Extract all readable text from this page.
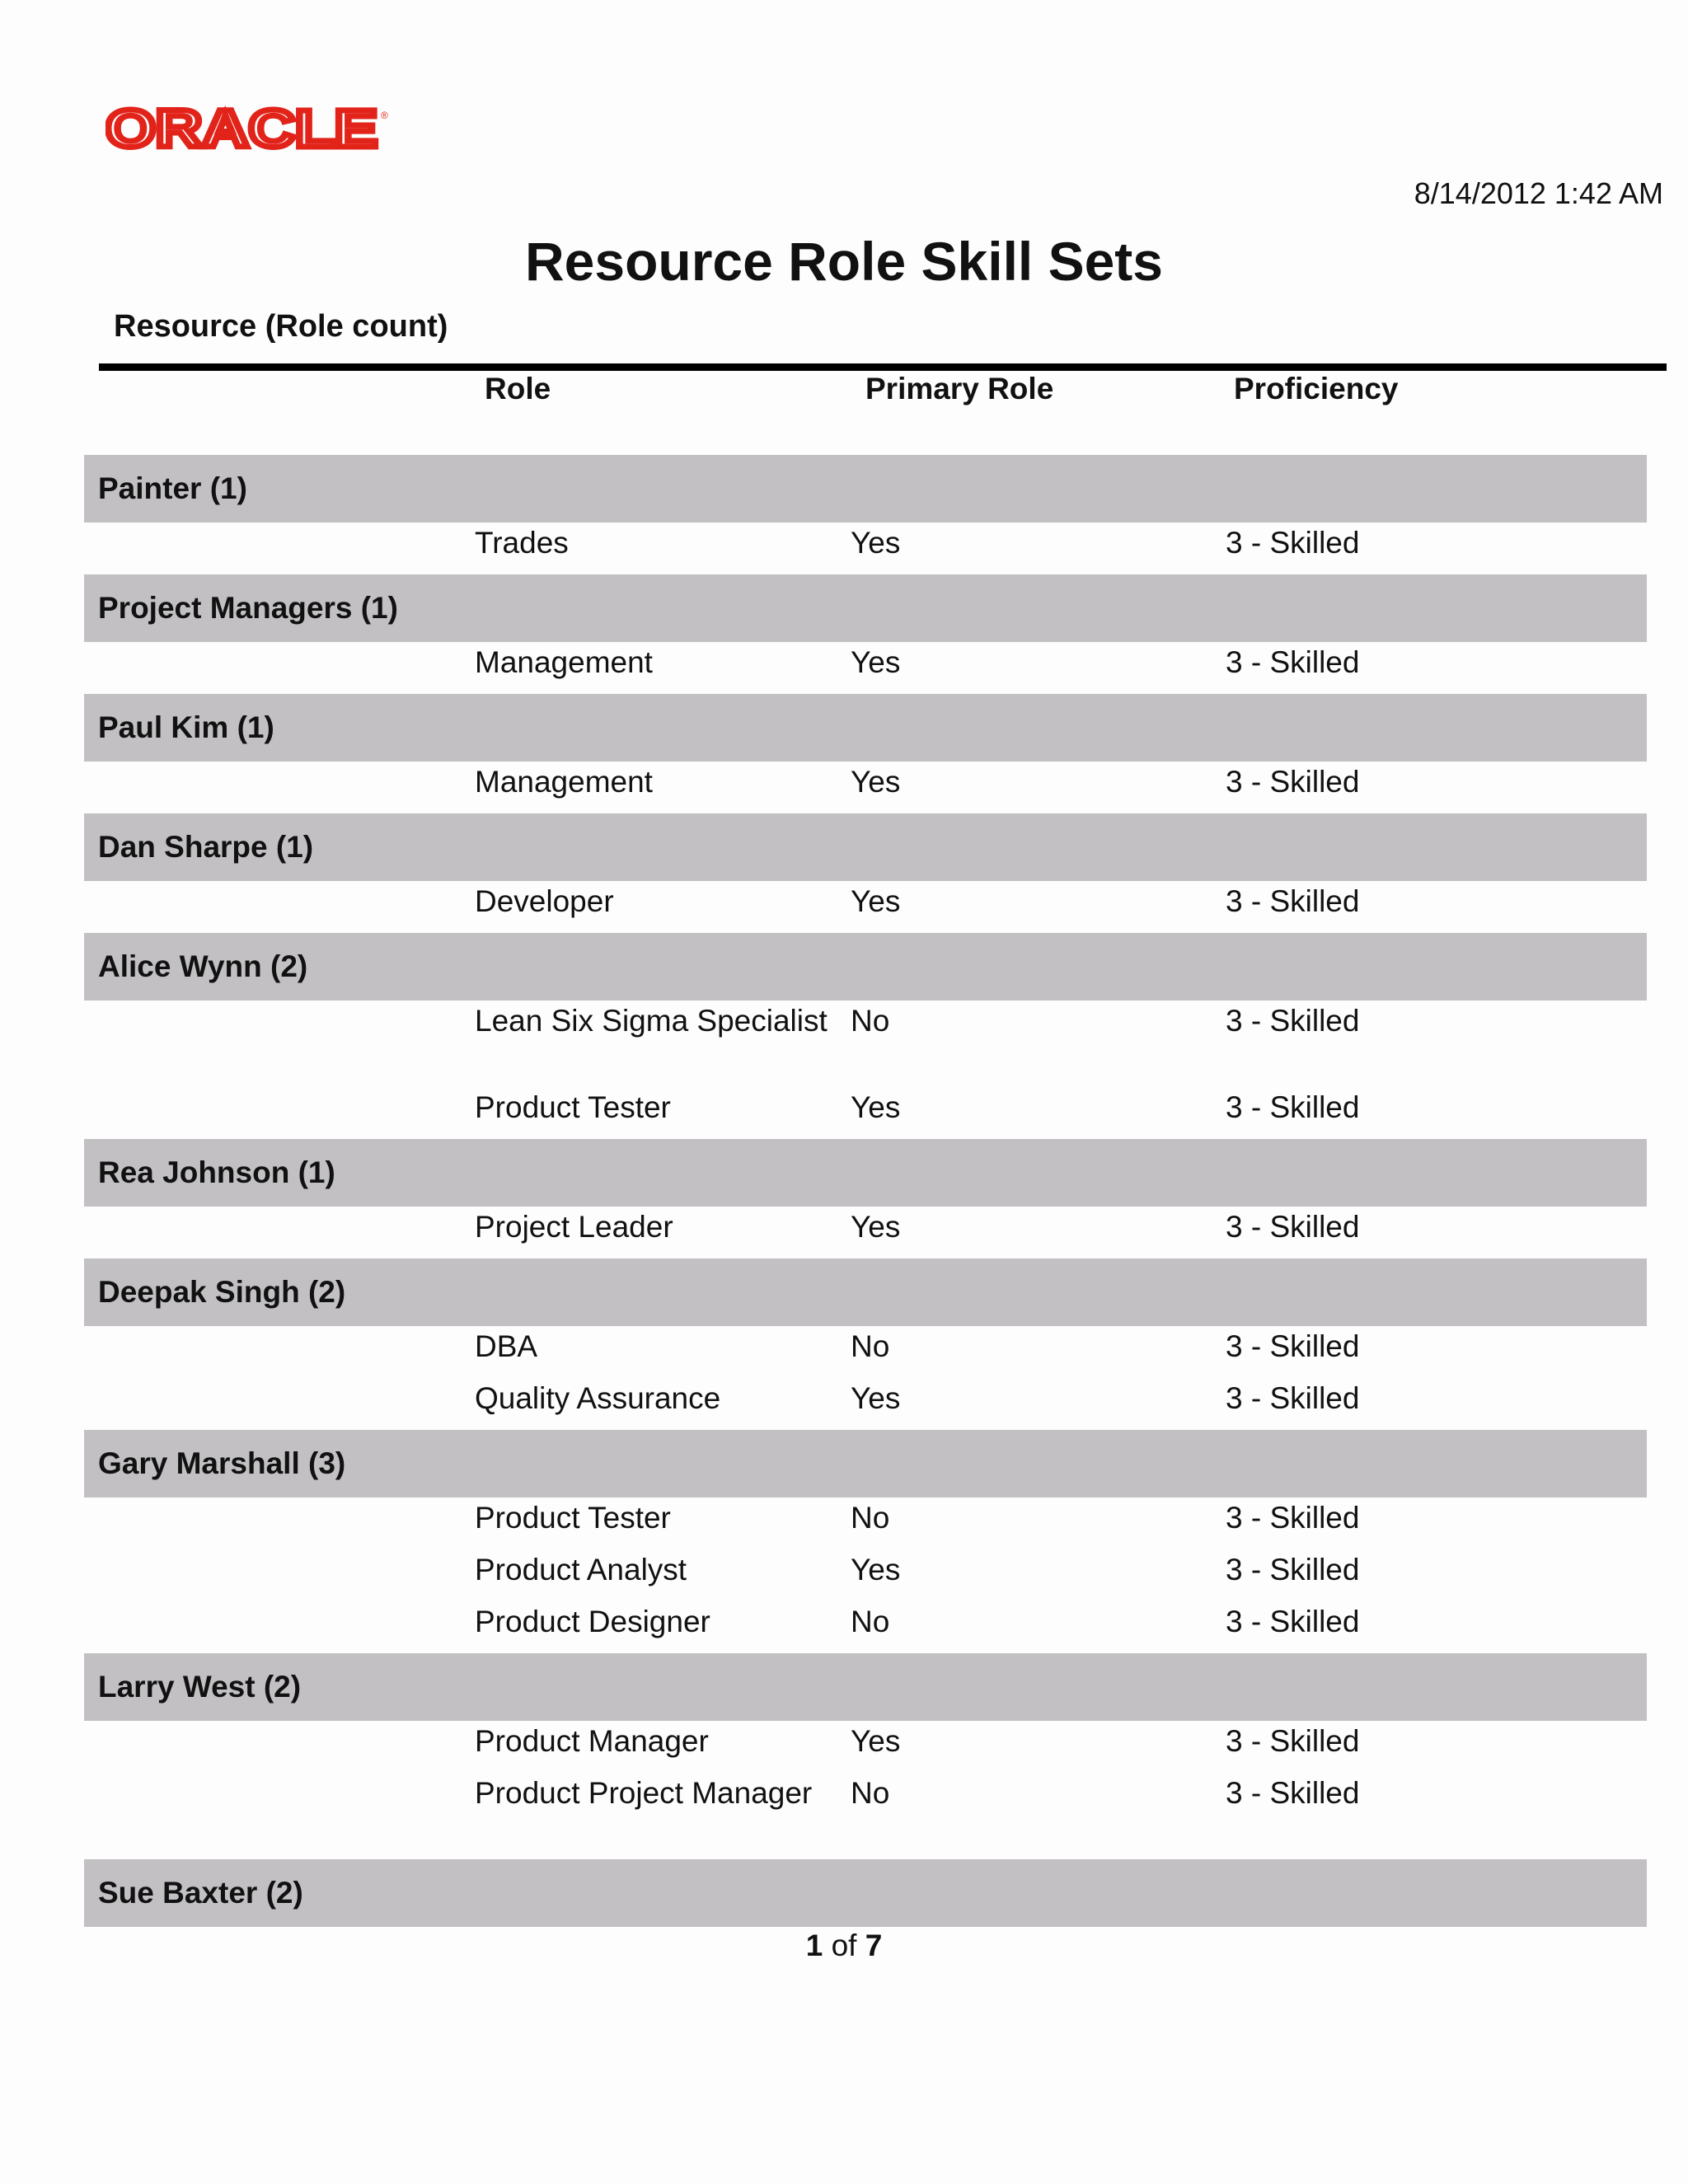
ORACLE ®
8/14/2012 1:42 AM
Resource Role Skill Sets
Resource (Role count)
Role	Primary Role	Proficiency
Painter (1)
Trades	Yes	3 - Skilled
Project Managers (1)
Management	Yes	3 - Skilled
Paul Kim (1)
Management	Yes	3 - Skilled
Dan Sharpe (1)
Developer	Yes	3 - Skilled
Alice Wynn (2)
Lean Six Sigma Specialist No	3 - Skilled
Product Tester	Yes	3 - Skilled
Rea Johnson (1)
Project Leader	Yes	3 - Skilled
Deepak Singh (2)
DBA	No	3 - Skilled
Quality Assurance	Yes	3 - Skilled
Gary Marshall (3)
Product Tester	No	3 - Skilled
Product Analyst	Yes	3 - Skilled
Product Designer	No	3 - Skilled
Larry West (2)
Product Manager	Yes	3 - Skilled
Product Project Manager	No	3 - Skilled
Sue Baxter (2)
1 of 7
